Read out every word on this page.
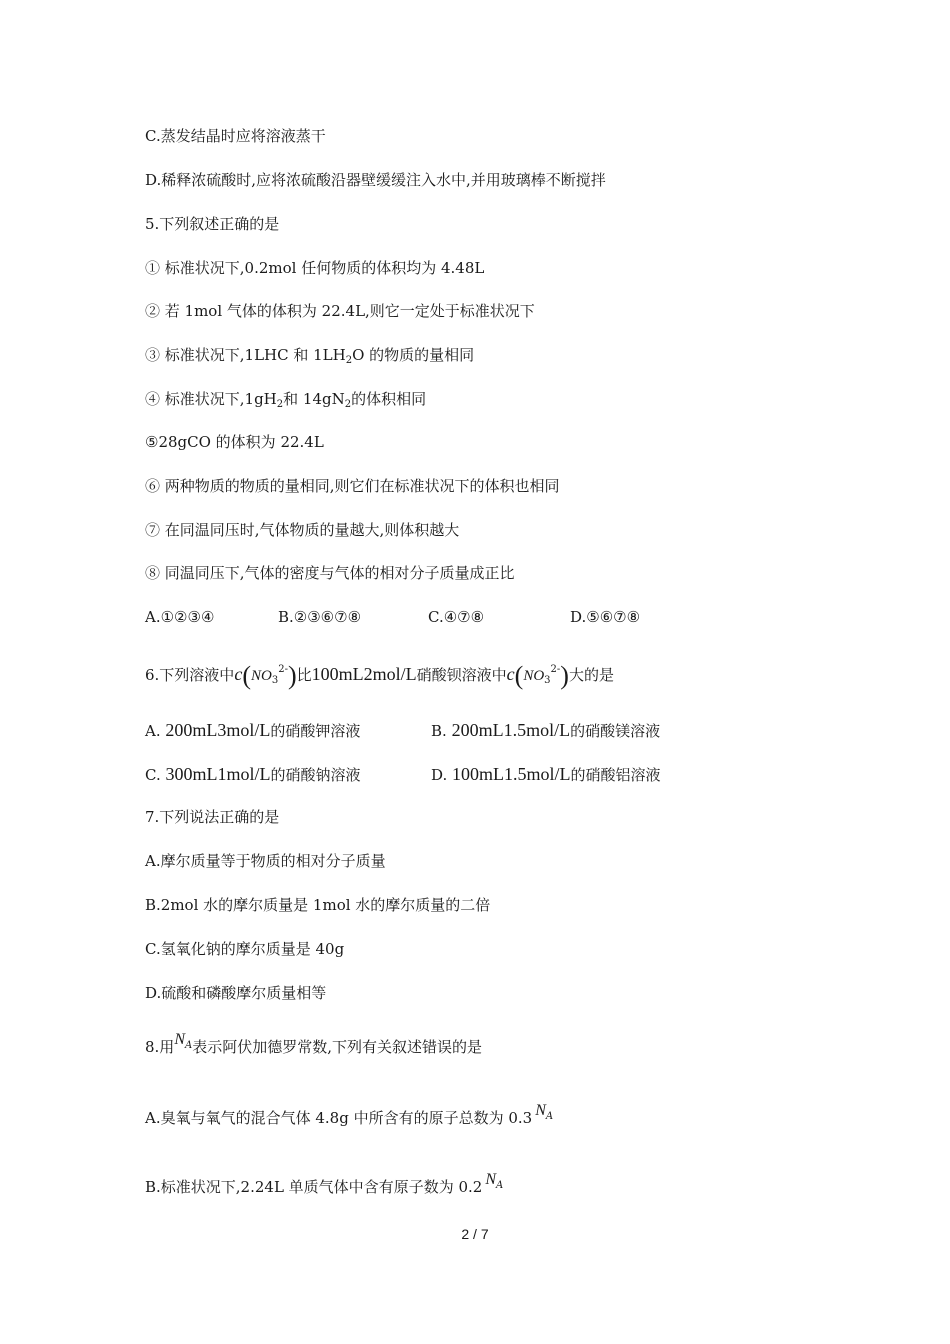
C.蒸发结晶时应将溶液蒸干
D.稀释浓硫酸时,应将浓硫酸沿器壁缓缓注入水中,并用玻璃棒不断搅拌
5.下列叙述正确的是
① 标准状况下,0.2mol 任何物质的体积均为 4.48L
② 若 1mol 气体的体积为 22.4L,则它一定处于标准状况下
③ 标准状况下,1LHC 和 $1LH_2O$ 的物质的量相同
④ 标准状况下$,1gH_2$和 $14gN_2$的体积相同
⑤28gCO 的体积为 22.4L
⑥ 两种物质的物质的量相同,则它们在标准状况下的体积也相同
⑦ 在同温同压时,气体物质的量越大,则体积越大
⑧ 同温同压下,气体的密度与气体的相对分子质量成正比
A.①②③④	B.②③⑥⑦⑧	C.④⑦⑧	D.⑤⑥⑦⑧
6.下列溶液中$c(NO_3^{2-})$比100mL2mol/L硝酸钡溶液中$c(NO_3^{2-})$大的是
A. 200mL3mol/L的硝酸钾溶液	B. 200mL1.5mol/L的硝酸镁溶液
C. 300mL1mol/L的硝酸钠溶液	D. 100mL1.5mol/L的硝酸铝溶液
7.下列说法正确的是
A.摩尔质量等于物质的相对分子质量
B.2mol 水的摩尔质量是 1mol 水的摩尔质量的二倍
C.氢氧化钠的摩尔质量是 40g
D.硫酸和磷酸摩尔质量相等
8.用$N^A$表示阿伏加德罗常数,下列有关叙述错误的是
A.臭氧与氧气的混合气体 4.8g 中所含有的原子总数为 0.3 $N^A$
B.标准状况下,2.24L 单质气体中含有原子数为 0.2 $N^A$
2 / 7
